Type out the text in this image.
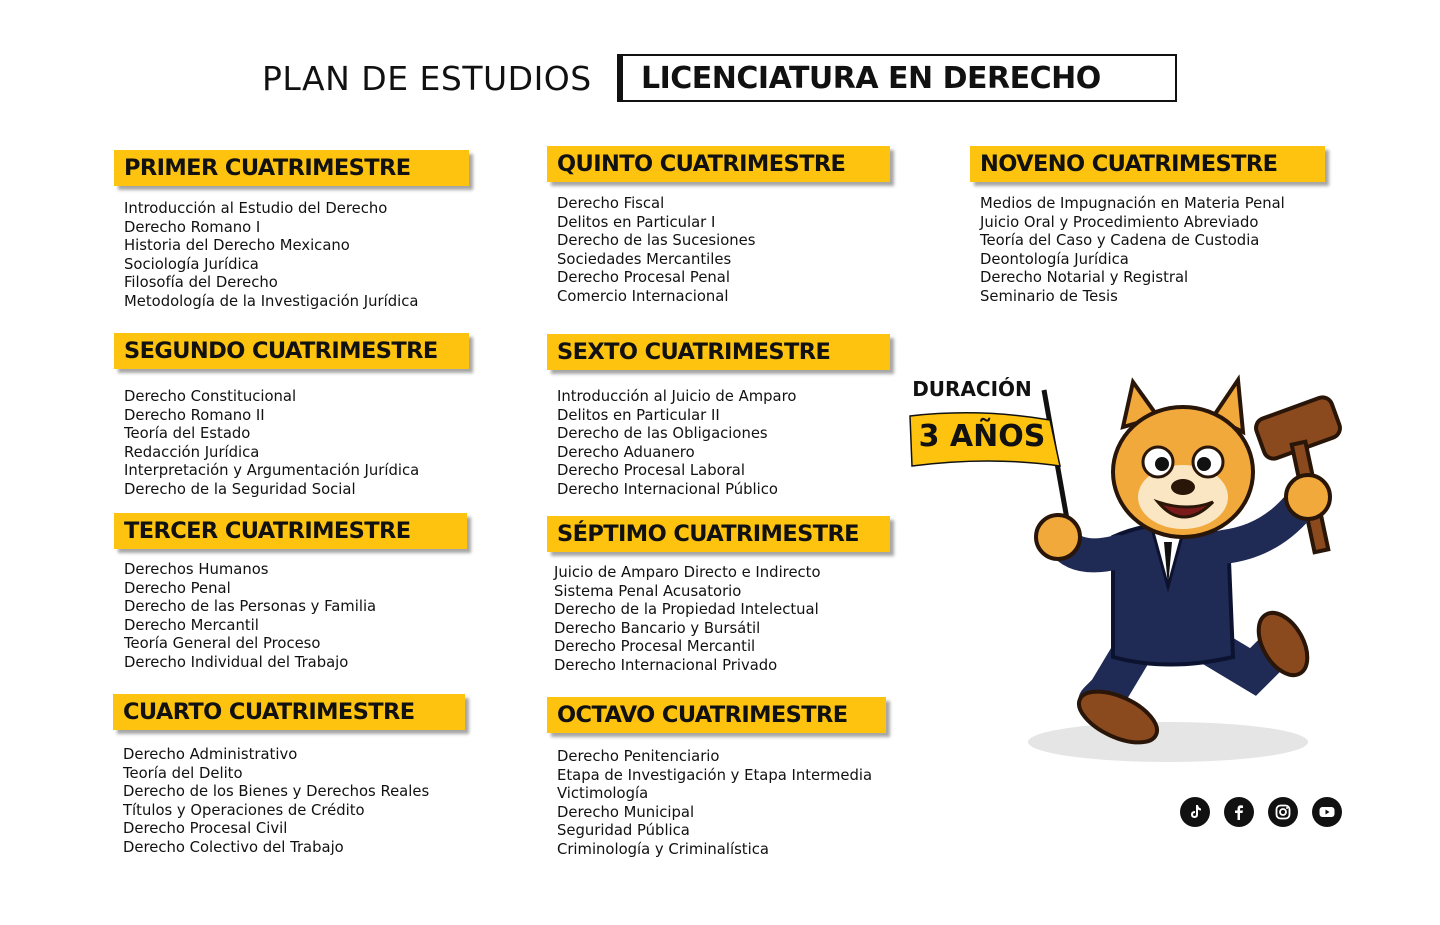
PLAN DE ESTUDIOS	LICENCIATURA EN DERECHO
PRIMER CUATRIMESTRE
Introducción al Estudio del Derecho
Derecho Romano I
Historia del Derecho Mexicano
Sociología Jurídica
Filosofía del Derecho
Metodología de la Investigación Jurídica
SEGUNDO CUATRIMESTRE
Derecho Constitucional
Derecho Romano II
Teoría del Estado
Redacción Jurídica
Interpretación y Argumentación Jurídica
Derecho de la Seguridad Social
TERCER CUATRIMESTRE
Derechos Humanos
Derecho Penal
Derecho de las Personas y Familia
Derecho Mercantil
Teoría General del Proceso
Derecho Individual del Trabajo
CUARTO CUATRIMESTRE
Derecho Administrativo
Teoría del Delito
Derecho de los Bienes y Derechos Reales
Títulos y Operaciones de Crédito
Derecho Procesal Civil
Derecho Colectivo del Trabajo
QUINTO CUATRIMESTRE
Derecho Fiscal
Delitos en Particular I
Derecho de las Sucesiones
Sociedades Mercantiles
Derecho Procesal Penal
Comercio Internacional
SEXTO CUATRIMESTRE
Introducción al Juicio de Amparo
Delitos en Particular II
Derecho de las Obligaciones
Derecho Aduanero
Derecho Procesal Laboral
Derecho Internacional Público
SÉPTIMO CUATRIMESTRE
Juicio de Amparo Directo e Indirecto
Sistema Penal Acusatorio
Derecho de la Propiedad Intelectual
Derecho Bancario y Bursátil
Derecho Procesal Mercantil
Derecho Internacional Privado
OCTAVO CUATRIMESTRE
Derecho Penitenciario
Etapa de Investigación y Etapa Intermedia
Victimología
Derecho Municipal
Seguridad Pública
Criminología y Criminalística
NOVENO CUATRIMESTRE
Medios de Impugnación en Materia Penal
Juicio Oral y Procedimiento Abreviado
Teoría del Caso y Cadena de Custodia
Deontología Jurídica
Derecho Notarial y Registral
Seminario de Tesis
DURACIÓN
3 AÑOS
